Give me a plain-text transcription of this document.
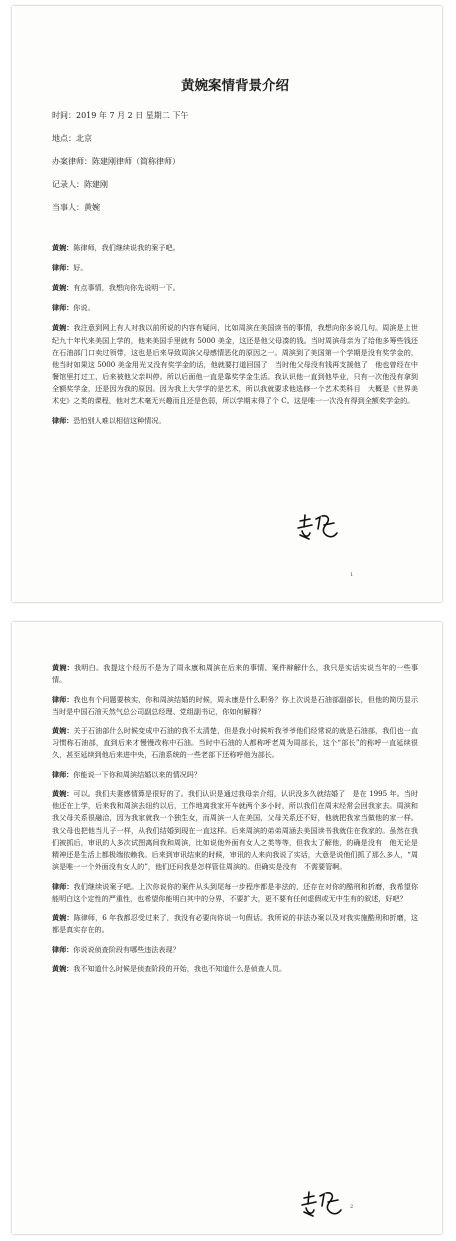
黄婉案情背景介绍
时间：2019 年 7 月 2 日 星期二 下午
地点：北京
办案律师：陈建刚律师（简称律师）
记录人：陈建刚
当事人：黄婉

黄婉：陈律师，我们继续说我的案子吧。

律师：好。

黄婉：有点事情，我想向你先说明一下。

律师：你说。

黄婉：我注意到网上有人对我以前所说的内容有疑问，比如周滨在美国读书的事情，我想向你多说几句。周滨是上世纪九十年代来美国上学的，他来美国手里就有 5000 美金，这还是他父母凑的钱。当时周滨母亲为了给他多筹些钱还在石油部门口卖过领带，这也是后来导致周滨父母感情恶化的原因之一。周滨到了美国第一个学期是没有奖学金的，他当时如果这 5000 美金用光又没有奖学金的话，他就要打道回国了　当时他父母没有钱再支援他了　他也曾经在中餐馆里打过工，后来被他父亲叫停。所以后面他一直是靠奖学金生活。我认识他一直到他毕业，只有一次他没有拿到全额奖学金，还是因为我的原因。因为我上大学学的是艺术，所以我就要求他选修一个艺术类科目　大概是《世界美术史》之类的课程，他对艺术毫无兴趣而且还是色弱，所以学期末得了个 C。这是唯一一次没有得到全额奖学金的。

律师：恐怕别人难以相信这种情况。

1

黄婉：我明白。我提这个经历不是为了周永康和周滨在后来的事情、案件辩解什么，我只是实话实说当年的一些事情。

律师：我也有个问题要核实，你和周滨结婚的时候，周永康是什么职务？你上次说是石油部副部长，但他的简历显示当时是中国石油天然气总公司副总经理、党组副书记，你如何解释？

黄婉：关于石油部什么时候变成中石油的我不太清楚，但是我小时候听我爷爷他们经常说的就是石油部，我们也一直习惯称石油部，直到后来才慢慢改称中石油。当时中石油的人都称呼老周为周部长，这个“部长”的称呼一直延续很久，甚至延续到他后来进中央，石油系统的一些老部下还称呼他为部长。

律师：你能说一下你和周滨结婚以来的情况吗？

黄婉：可以。我们夫妻感情算是很好的了。我们认识是通过我母亲介绍，认识没多久就结婚了　是在 1995 年。当时他还在上学，后来我和周滨去纽约以后，工作地离我家开车就两个多小时，所以我们在周末经常会回我家去。周滨和我父母关系很融洽，因为我家就我一个独生女，而周滨一人在美国，父母关系还不好，他就把我家当做他的家一样。我父母也把他当儿子一样，从我们结婚到现在一直这样。后来周滨的弟弟周涵去美国读书我就住在我家的。虽然在我们被抓后，审讯的人多次试图离间我和周滨，比如说他外面有女人之类等等，但我太了解他，的确是没有　他无论是精神还是生活上都极端依赖我。后来到审讯结束的时候，审讯的人来向我说了实话，大意是说他们抓了那么多人，“周滨是唯一一个外面没有女人的”，他们还问我是怎样管住周滨的。但确实是没有　不需要管啊。

律师：我们继续说案子吧。上次你说你的案件从头到尾每一步程序都是非法的，还存在对你的酷刑和折磨，我希望你能明白这个定性的严重性，也希望你能明白其中的分界，不要扩大，更不要有任何虚假或无中生有的叙述，好吧？

黄婉：陈律师，6 年我都忍受过来了，我没有必要向你说一句假话。我所说的非法办案以及对我实施酷刑和折磨，这都是真实存在的。

律师：你说说侦查阶段有哪些违法表现？

黄婉：我不知道什么时候是侦查阶段的开始，我也不知道什么是侦查人员。

2
